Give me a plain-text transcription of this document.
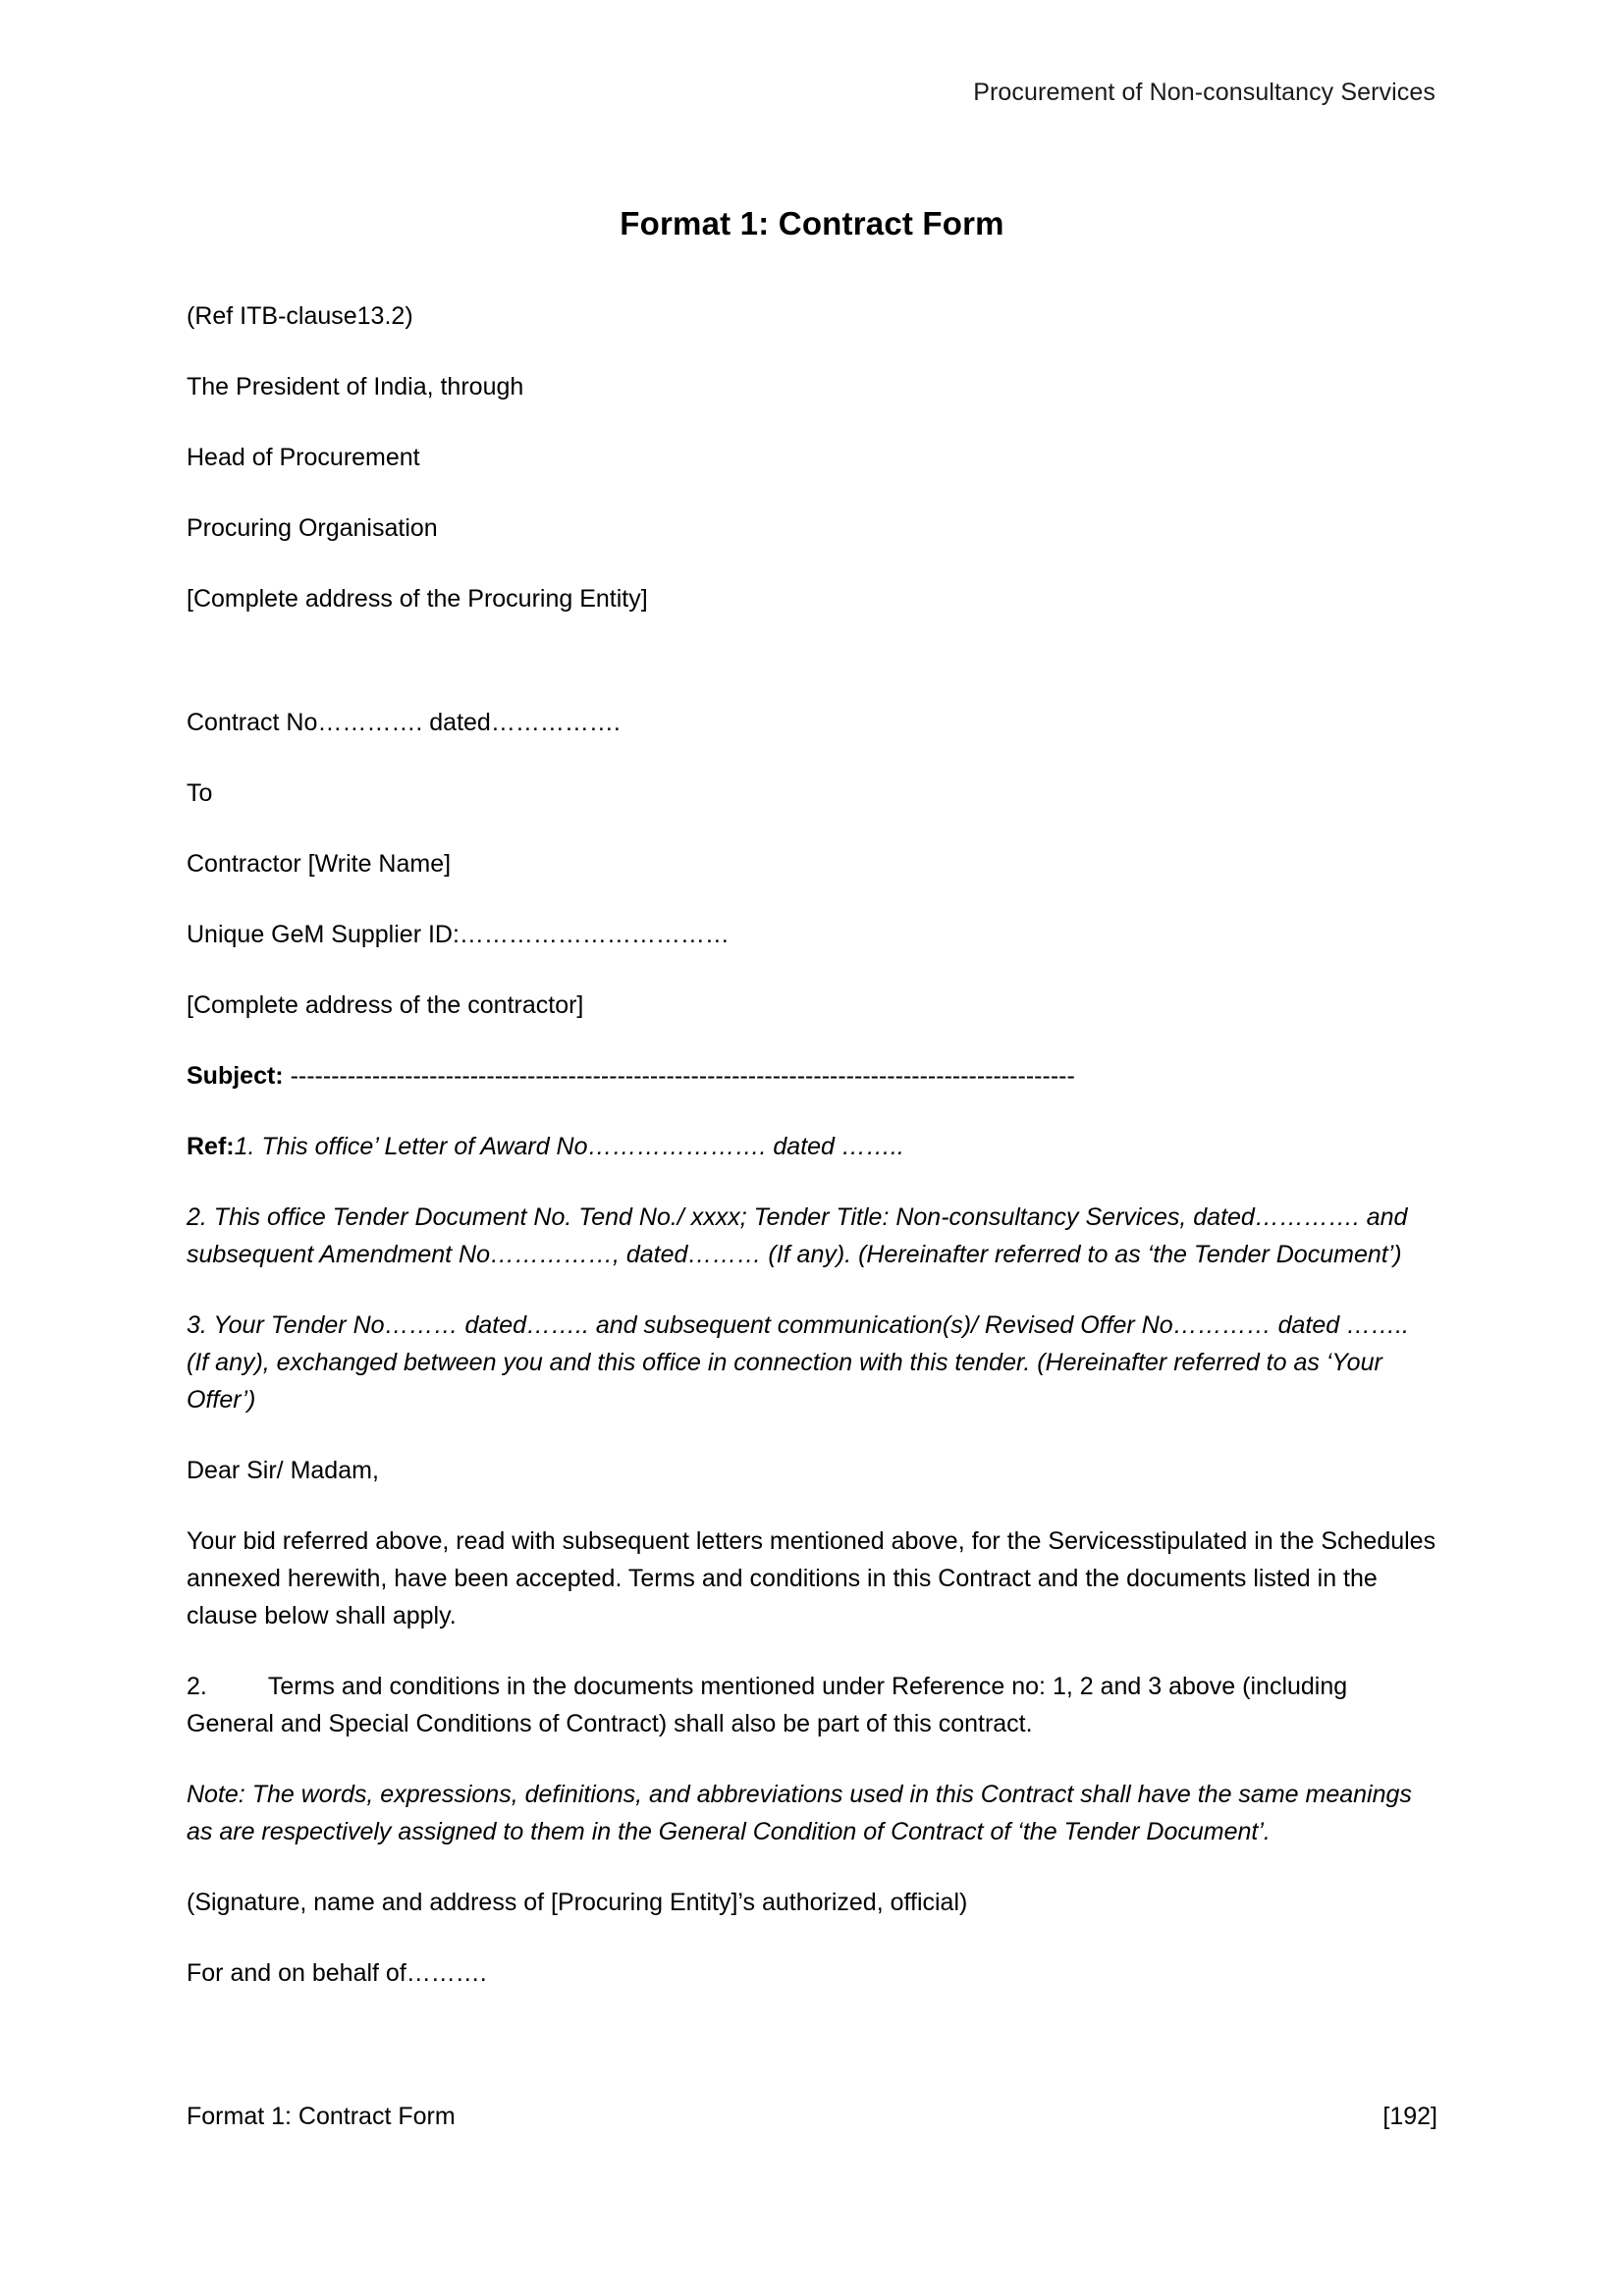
Procurement of Non-consultancy Services
Format 1: Contract Form

(Ref ITB-clause13.2)

The President of India, through

Head of Procurement

Procuring Organisation

[Complete address of the Procuring Entity]

Contract No…………. dated…………….

To

Contractor [Write Name]

Unique GeM Supplier ID:……………………………

[Complete address of the contractor]

Subject: ------------------------------------------------------------------------------------------------

Ref:1. This office’ Letter of Award No…………………. dated ……..

2. This office Tender Document No. Tend No./ xxxx; Tender Title: Non-consultancy Services, dated…………. and subsequent Amendment No……………, dated……… (If any). (Hereinafter referred to as ‘the Tender Document’)

3. Your Tender No……… dated…….. and subsequent communication(s)/ Revised Offer No………… dated …….. (If any), exchanged between you and this office in connection with this tender. (Hereinafter referred to as ‘Your Offer’)

Dear Sir/ Madam,

Your bid referred above, read with subsequent letters mentioned above, for the Servicesstipulated in the Schedules annexed herewith, have been accepted. Terms and conditions in this Contract and the documents listed in the clause below shall apply.

2. Terms and conditions in the documents mentioned under Reference no: 1, 2 and 3 above (including General and Special Conditions of Contract) shall also be part of this contract.

Note: The words, expressions, definitions, and abbreviations used in this Contract shall have the same meanings as are respectively assigned to them in the General Condition of Contract of ‘the Tender Document’.

(Signature, name and address of [Procuring Entity]’s authorized, official)

For and on behalf of……….

Format 1: Contract Form	[192]
